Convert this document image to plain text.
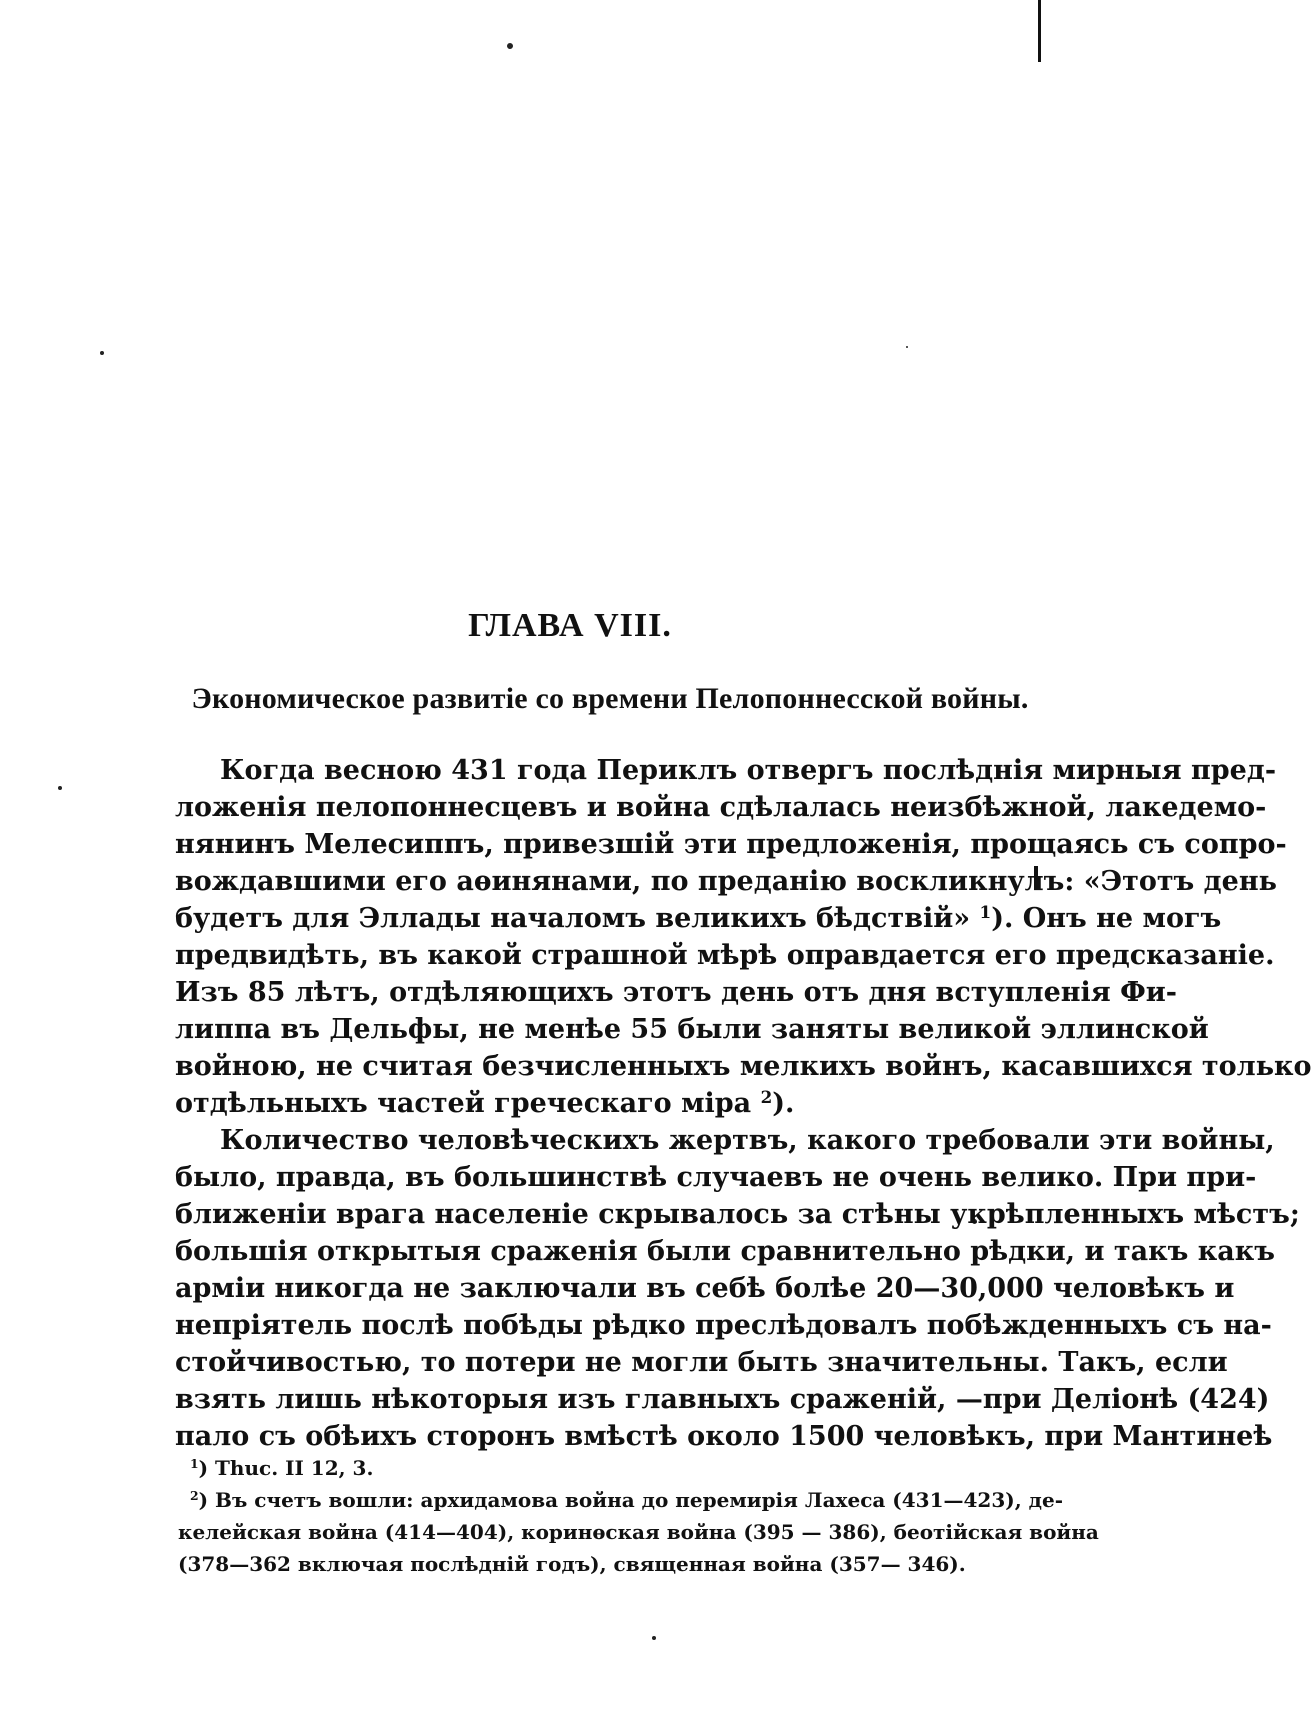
ГЛАВА VIII.
Экономическое развитіе со времени Пелопоннесской войны.
Когда весною 431 года Периклъ отвергъ послѣднія мирныя пред-
ложенія пелопоннесцевъ и война сдѣлалась неизбѣжной, лакедемо-
нянинъ Мелесиппъ, привезшій эти предложенія, прощаясь съ сопро-
вождавшими его аѳинянами, по преданію воскликнулъ: «Этотъ день
будетъ для Эллады началомъ великихъ бѣдствій» $^1$). Онъ не могъ
предвидѣть, въ какой страшной мѣрѣ оправдается его предсказаніе.
Изъ 85 лѣтъ, отдѣляющихъ этотъ день отъ дня вступленія Фи-
липпа въ Дельфы, не менѣе 55 были заняты великой эллинской
войною, не считая безчисленныхъ мелкихъ войнъ, касавшихся только
отдѣльныхъ частей греческаго міра $^2$).
Количество человѣческихъ жертвъ, какого требовали эти войны,
было, правда, въ большинствѣ случаевъ не очень велико. При при-
ближеніи врага населеніе скрывалось за стѣны укрѣпленныхъ мѣстъ;
большія открытыя сраженія были сравнительно рѣдки, и такъ какъ
арміи никогда не заключали въ себѣ болѣе 20—30,000 человѣкъ и
непріятель послѣ побѣды рѣдко преслѣдовалъ побѣжденныхъ съ на-
стойчивостью, то потери не могли быть значительны. Такъ, если
взять лишь нѣкоторыя изъ главныхъ сраженій, —при Деліонѣ (424)
пало съ обѣихъ сторонъ вмѣстѣ около 1500 человѣкъ, при Мантинеѣ
$^1$) Thuc. II 12, 3.
$^2$) Въ счетъ вошли: архидамова война до перемирія Лахеса (431—423), де-
келейская война (414—404), коринѳская война (395 — 386), беотійская война
(378—362 включая послѣдній годъ), священная война (357— 346).
